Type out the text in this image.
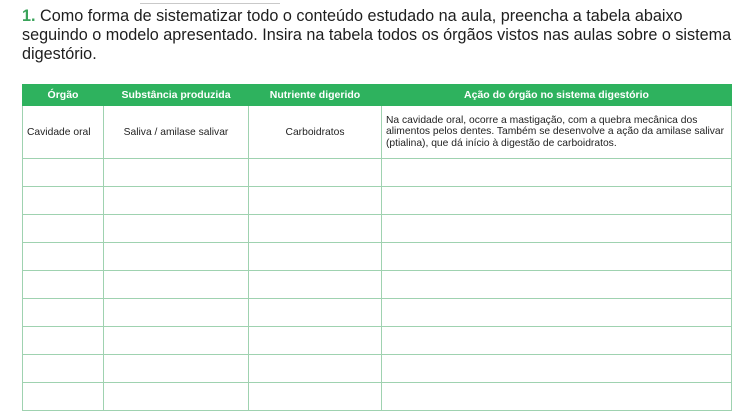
1. Como forma de sistematizar todo o conteúdo estudado na aula, preencha a tabela abaixo seguindo o modelo apresentado. Insira na tabela todos os órgãos vistos nas aulas sobre o sistema digestório.
Órgão	Substância produzida	Nutriente digerido	Ação do órgão no sistema digestório
Cavidade oral	Saliva / amilase salivar	Carboidratos	Na cavidade oral, ocorre a mastigação, com a quebra mecânica dos alimentos pelos dentes. Também se desenvolve a ação da amilase salivar (ptialina), que dá início à digestão de carboidratos.
